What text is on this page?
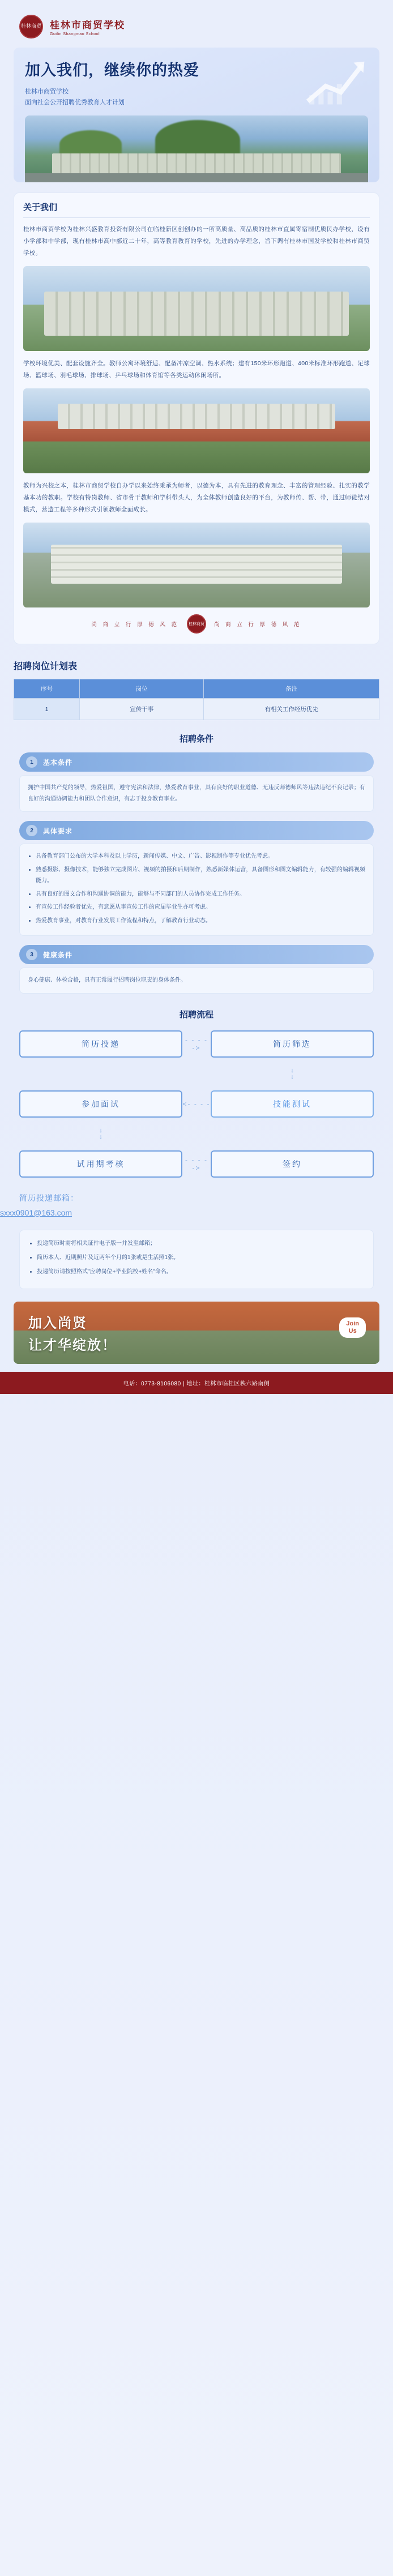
桂林商贸 桂林市商贸学校
Guilin Shangmao School
加入我们，继续你的热爱
桂林市商贸学校
面向社会公开招聘优秀教育人才计划
关于我们
桂林市商贸学校为桂林兴盛教育投资有限公司在临桂新区创创办的一所高质量、高品质的桂林市直属寄宿制优质民办学校，设有小学部和中学部，现有桂林市高中部近二十年，高等教育教育的学校，先进的办学理念，旨下调有桂林市国发学校和桂林市商贸学校。
学校环境优美、配套设施齐全。教师公寓环境舒适、配备冲凉空调、热水系统；建有150米环形跑道、400米标准环形跑道、足球场、篮球场、羽毛球场、排球场、乒乓球场和体育馆等各类运动休闲场所。
教师为兴校之本，桂林市商贸学校自办学以来始终秉承为师者，以德为本，具有先进的教育理念、丰富的管理经验、扎实的教学基本功的教职。学校有特岗教师、省市骨干教师和学科带头人，为全体教师创造良好的平台，为教师传、帮、带，通过师徒结对模式，营造工程等多种形式引领教师全面成长。
尚 商 立 行 厚 德 风 范 桂林商贸 尚 商 立 行 厚 德 风 范
招聘岗位计划表
序号	岗位	备注
1	宣传干事	有相关工作经历优先
招聘条件
1	基本条件
拥护中国共产党的领导，热爱祖国，遵守宪法和法律，热爱教育事业，具有良好的职业道德、无违反师德师风等违法违纪不良记录；有良好的沟通协调能力和团队合作意识，有志于投身教育事业。
2	具体要求
• 具备教育部门公布的大学本科及以上学历，新闻传媒、中文、广告、影视制作等专业优先考虑。
• 熟悉摄影、摄像技术，能够独立完成图片、视频的拍摄和后期制作，熟悉新媒体运营，具备图形和图文编辑能力，有较强的编辑视频能力。
• 具有良好的图文合作和沟通协调的能力，能够与不同部门的人员协作完成工作任务。
• 有宣传工作经验者优先，有意愿从事宣传工作的应届毕业生亦可考虑。
• 热爱教育事业，对教育行业发展工作流程和特点，了解教育行业动态。
3	健康条件
身心健康、体检合格，具有正常履行招聘岗位职责的身体条件。
招聘流程
简历投递	- - - - ->	简历筛选

↓
↓
参加面试	<- - - -	技能测试
↓
↓

试用期考核	- - - - ->	签约
简历投递邮箱：
sxxx0901@163.com
• 投递简历时需将相关证件电子版一并发至邮箱；
• 简历本人、近期照片及近两年个月的1张或是生活照1张。
• 投递简历请按照格式"应聘岗位+毕业院校+姓名"命名。
加入尚贤
让才华绽放！
Join
Us
电话：0773-8106080 | 地址：桂林市临桂区秧六路南侧
